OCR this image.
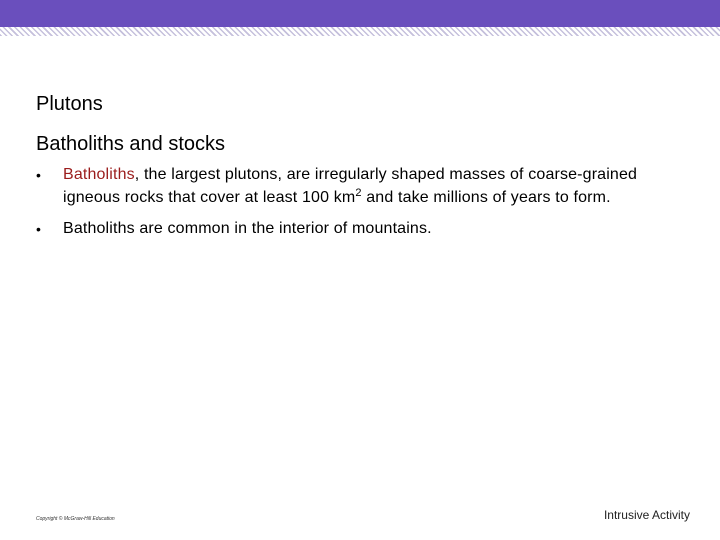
Plutons
Batholiths and stocks
• Batholiths, the largest plutons, are irregularly shaped masses of coarse-grained igneous rocks that cover at least 100 $km^2$ and take millions of years to form.
• Batholiths are common in the interior of mountains.
Copyright © McGraw-Hill Education	Intrusive Activity
